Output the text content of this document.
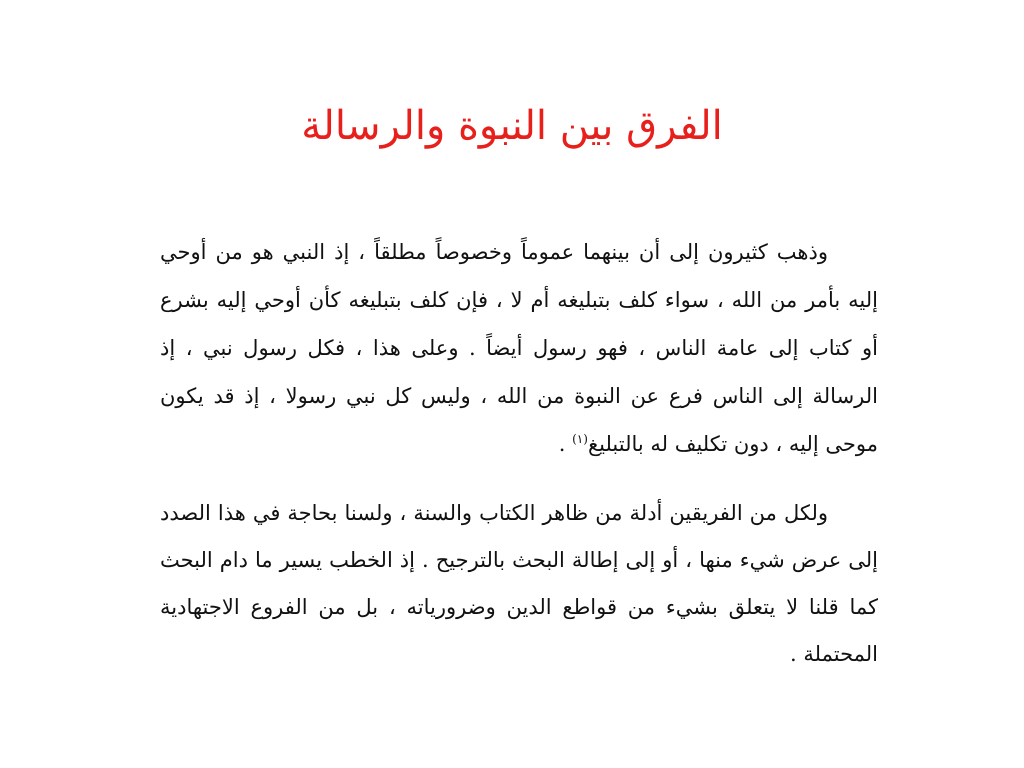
الفرق بين النبوة والرسالة

وذهب كثيرون إلى أن بينهما عموماً وخصوصاً مطلقاً ، إذ النبي هو من أوحي إليه بأمر من الله ، سواء كلف بتبليغه أم لا ، فإن كلف بتبليغه كأن أوحي إليه بشرع أو كتاب إلى عامة الناس ، فهو رسول أيضاً . وعلى هذا ، فكل رسول نبي ، إذ الرسالة إلى الناس فرع عن النبوة من الله ، وليس كل نبي رسولا ، إذ قد يكون موحى إليه ، دون تكليف له بالتبليغ$^{(١)}$ .

ولكل من الفريقين أدلة من ظاهر الكتاب والسنة ، ولسنا بحاجة في هذا الصدد إلى عرض شيء منها ، أو إلى إطالة البحث بالترجيح . إذ الخطب يسير ما دام البحث كما قلنا لا يتعلق بشيء من قواطع الدين وضرورياته ، بل من الفروع الاجتهادية المحتملة .
